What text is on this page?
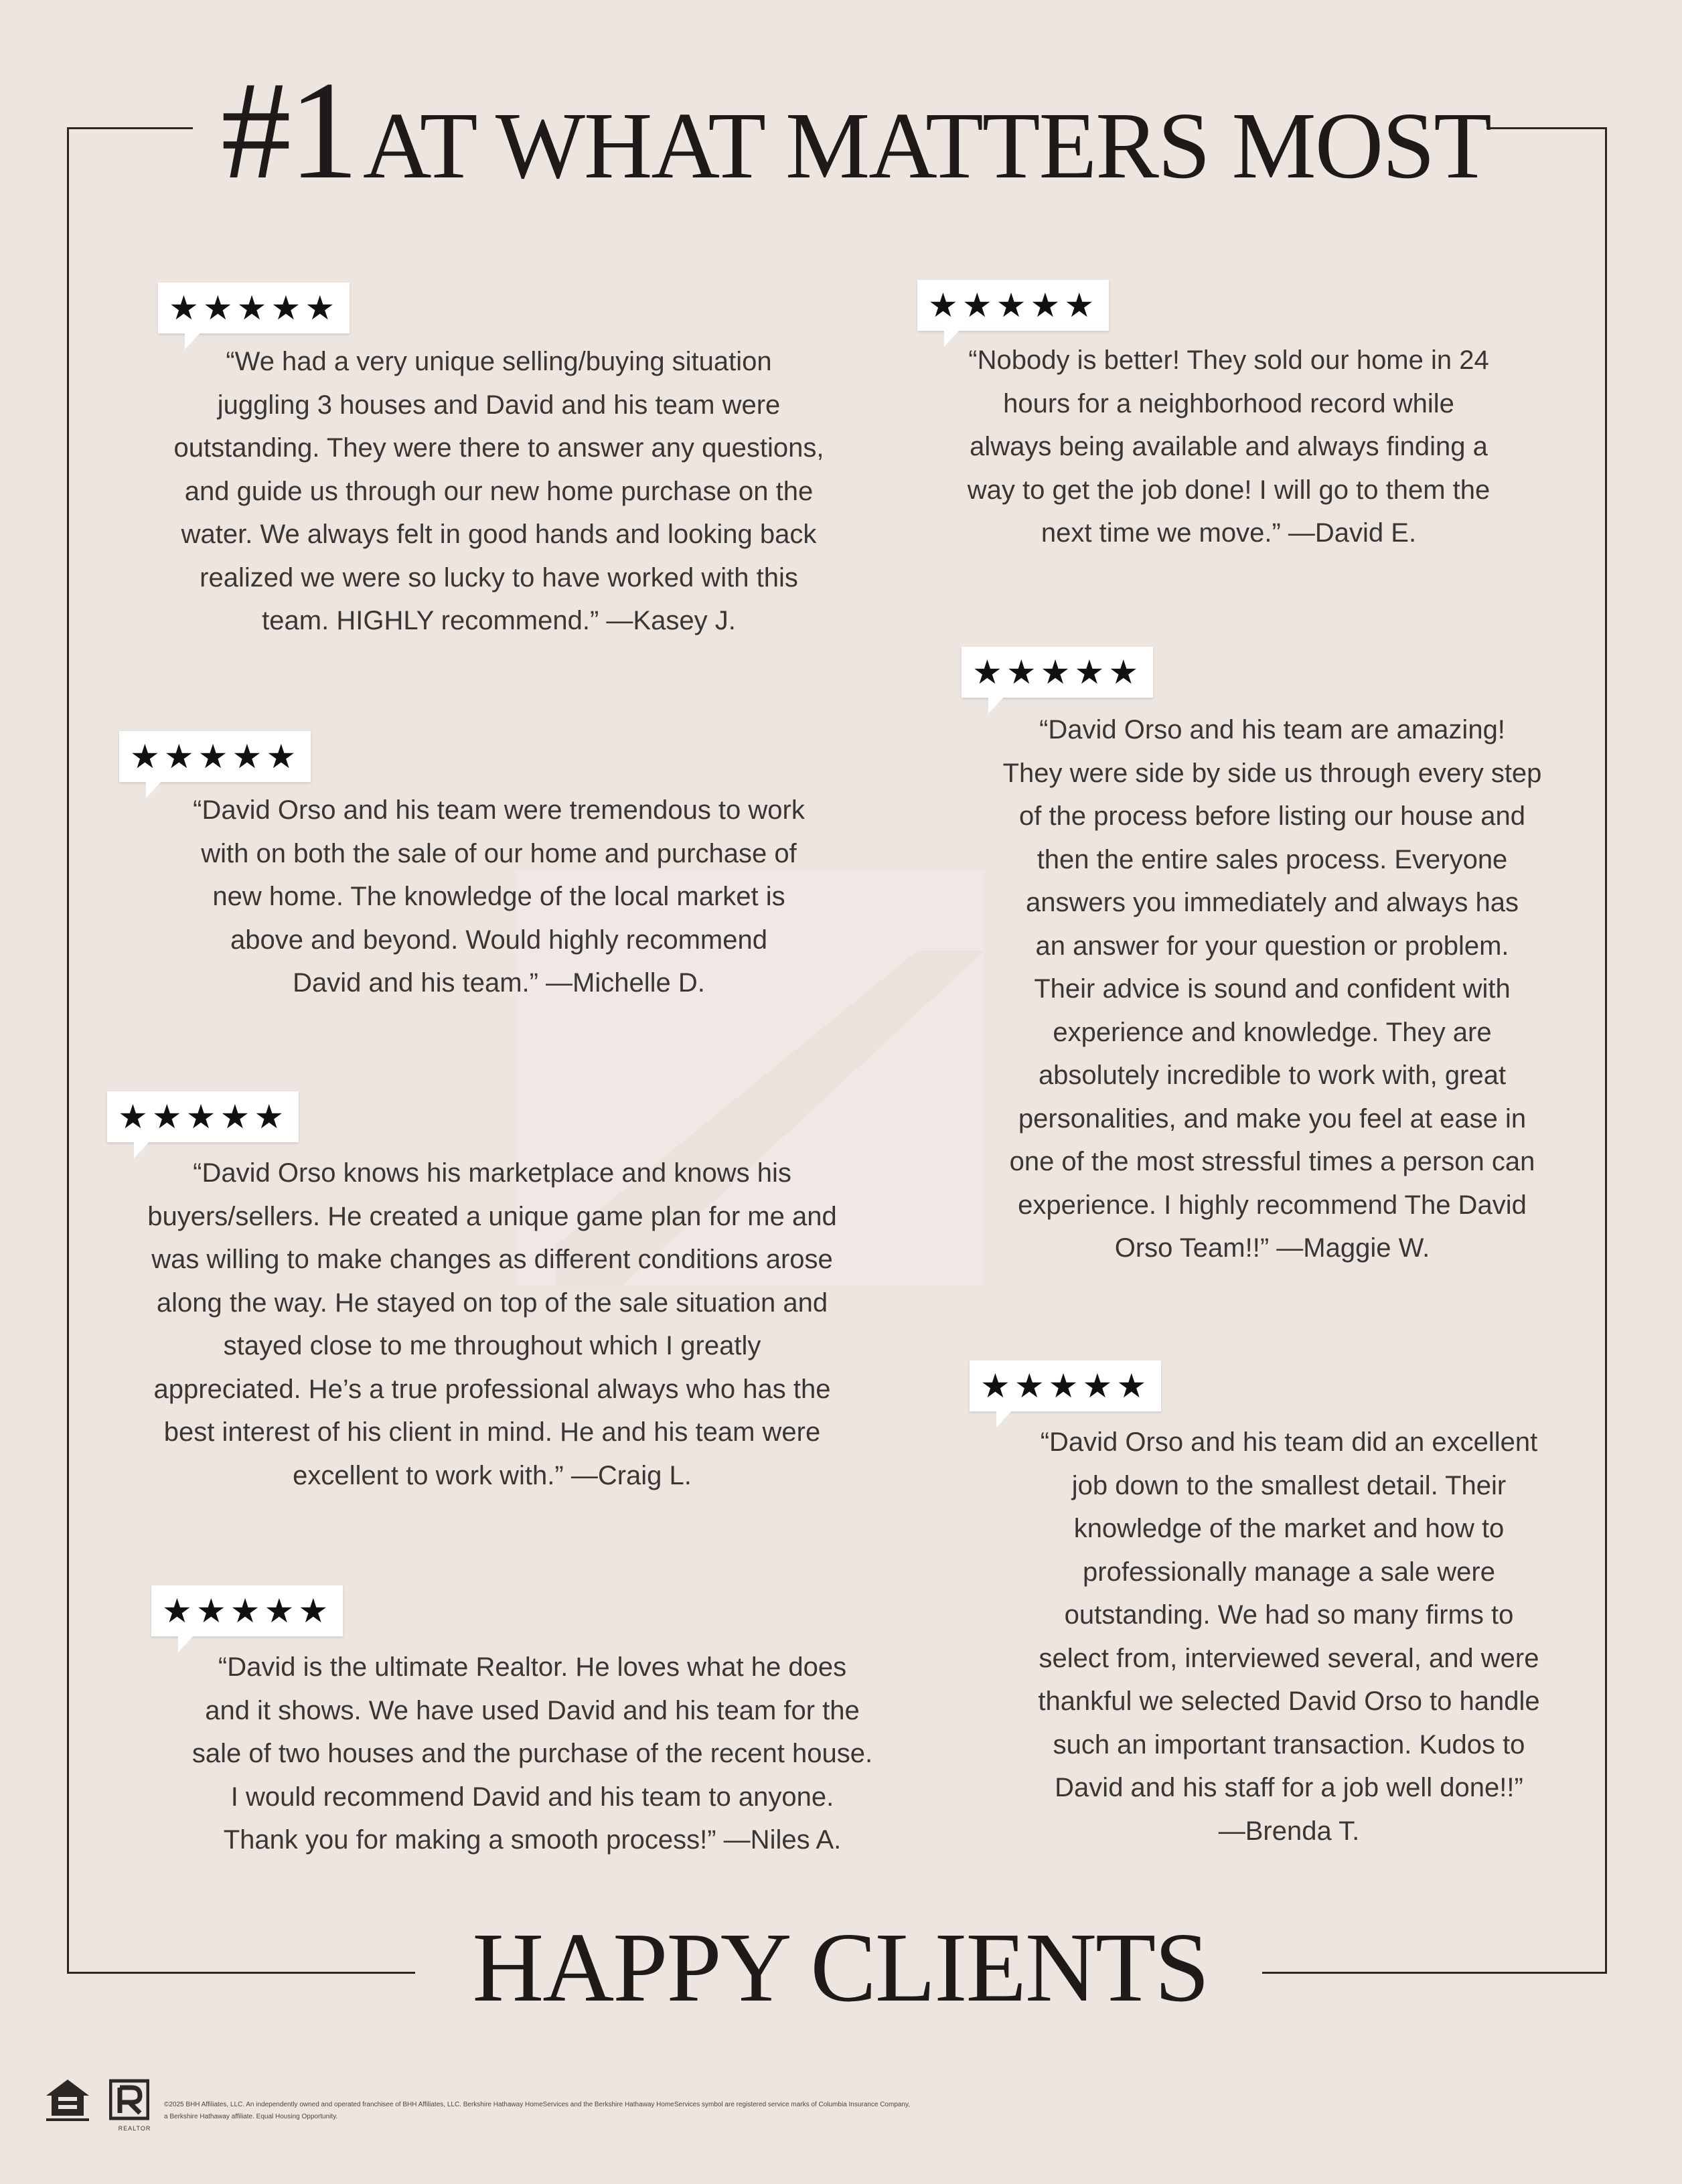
#1AT WHAT MATTERS MOST
★ ★ ★ ★ ★
“We had a very unique selling/buying situation
juggling 3 houses and David and his team were
outstanding. They were there to answer any questions,
and guide us through our new home purchase on the
water. We always felt in good hands and looking back
realized we were so lucky to have worked with this
team. HIGHLY recommend.” —Kasey J.
★ ★ ★ ★ ★
“David Orso and his team were tremendous to work
with on both the sale of our home and purchase of
new home. The knowledge of the local market is
above and beyond. Would highly recommend
David and his team.” —Michelle D.
★ ★ ★ ★ ★
“David Orso knows his marketplace and knows his
buyers/sellers. He created a unique game plan for me and
was willing to make changes as different conditions arose
along the way. He stayed on top of the sale situation and
stayed close to me throughout which I greatly
appreciated. He’s a true professional always who has the
best interest of his client in mind. He and his team were
excellent to work with.” —Craig L.
★ ★ ★ ★ ★
“David is the ultimate Realtor. He loves what he does
and it shows. We have used David and his team for the
sale of two houses and the purchase of the recent house.
I would recommend David and his team to anyone.
Thank you for making a smooth process!” —Niles A.
★ ★ ★ ★ ★
“Nobody is better! They sold our home in 24
hours for a neighborhood record while
always being available and always finding a
way to get the job done! I will go to them the
next time we move.” —David E.
★ ★ ★ ★ ★
“David Orso and his team are amazing!
They were side by side us through every step
of the process before listing our house and
then the entire sales process. Everyone
answers you immediately and always has
an answer for your question or problem.
Their advice is sound and confident with
experience and knowledge. They are
absolutely incredible to work with, great
personalities, and make you feel at ease in
one of the most stressful times a person can
experience. I highly recommend The David
Orso Team!!” —Maggie W.
★ ★ ★ ★ ★
“David Orso and his team did an excellent
job down to the smallest detail. Their
knowledge of the market and how to
professionally manage a sale were
outstanding. We had so many firms to
select from, interviewed several, and were
thankful we selected David Orso to handle
such an important transaction. Kudos to
David and his staff for a job well done!!”
—Brenda T.
HAPPY CLIENTS
REALTOR
©2025 BHH Affiliates, LLC. An independently owned and operated franchisee of BHH Affiliates, LLC. Berkshire Hathaway HomeServices and the Berkshire Hathaway HomeServices symbol are registered service marks of Columbia Insurance Company, a Berkshire Hathaway affiliate. Equal Housing Opportunity.
